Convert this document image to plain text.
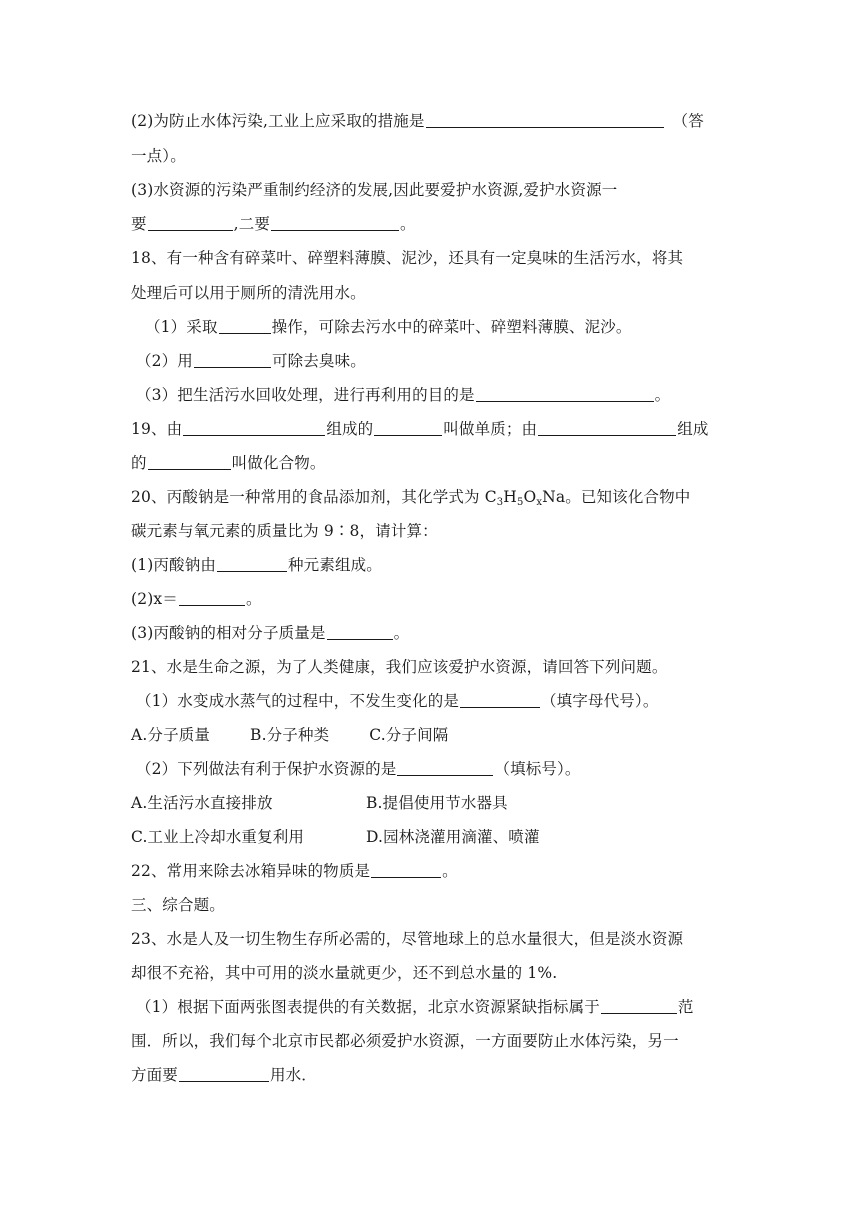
(2)为防止水体污染,工业上应采取的措施是	（答
一点）。
(3)水资源的污染严重制约经济的发展,因此要爱护水资源,爱护水资源一
要	,二要	。
18、有一种含有碎菜叶、碎塑料薄膜、泥沙，还具有一定臭味的生活污水，将其
处理后可以用于厕所的清洗用水。
（1）采取	操作，可除去污水中的碎菜叶、碎塑料薄膜、泥沙。
（2）用	可除去臭味。
（3）把生活污水回收处理，进行再利用的目的是	。
19、由	组成的	叫做单质；由	组成
的	叫做化合物。
20、丙酸钠是一种常用的食品添加剂，其化学式为 $C_3H_5O_xNa$。已知该化合物中
碳元素与氧元素的质量比为 9∶8，请计算：
(1)丙酸钠由	种元素组成。
(2)x＝	。
(3)丙酸钠的相对分子质量是	。
21、水是生命之源，为了人类健康，我们应该爱护水资源，请回答下列问题。
（1）水变成水蒸气的过程中，不发生变化的是	（填字母代号）。
A.分子质量	B.分子种类	C.分子间隔
（2）下列做法有利于保护水资源的是	（填标号）。
A.生活污水直接排放	B.提倡使用节水器具
C.工业上冷却水重复利用	D.园林浇灌用滴灌、喷灌
22、常用来除去冰箱异味的物质是	。
三、综合题。
23、水是人及一切生物生存所必需的，尽管地球上的总水量很大，但是淡水资源
却很不充裕，其中可用的淡水量就更少，还不到总水量的 1%.
（1）根据下面两张图表提供的有关数据，北京水资源紧缺指标属于	范
围．所以，我们每个北京市民都必须爱护水资源，一方面要防止水体污染，另一
方面要	用水．
